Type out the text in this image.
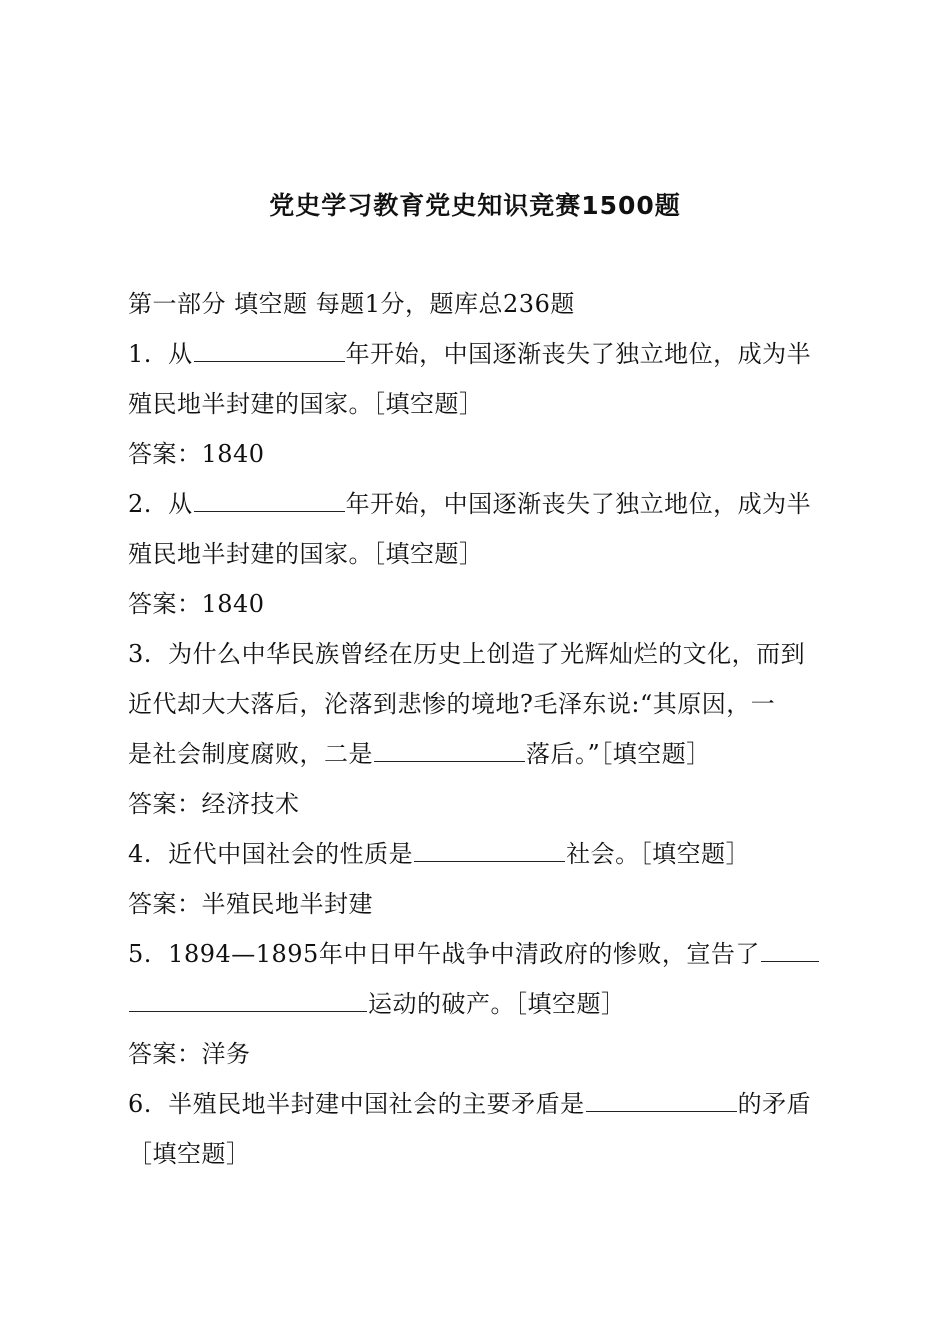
党史学习教育党史知识竞赛1500题
第一部分 填空题 每题1分，题库总236题
1. 从	年开始，中国逐渐丧失了独立地位，成为半
殖民地半封建的国家。［填空题］
答案：1840
2. 从	年开始，中国逐渐丧失了独立地位，成为半
殖民地半封建的国家。［填空题］
答案：1840
3. 为什么中华民族曾经在历史上创造了光辉灿烂的文化，而到
近代却大大落后，沦落到悲惨的境地?毛泽东说:“其原因，一
是社会制度腐败，二是	落后。”［填空题］
答案：经济技术
4. 近代中国社会的性质是	社会。［填空题］
答案：半殖民地半封建
5. 1894—1895年中日甲午战争中清政府的惨败，宣告了
运动的破产。［填空题］
答案：洋务
6. 半殖民地半封建中国社会的主要矛盾是	的矛盾
［填空题］
